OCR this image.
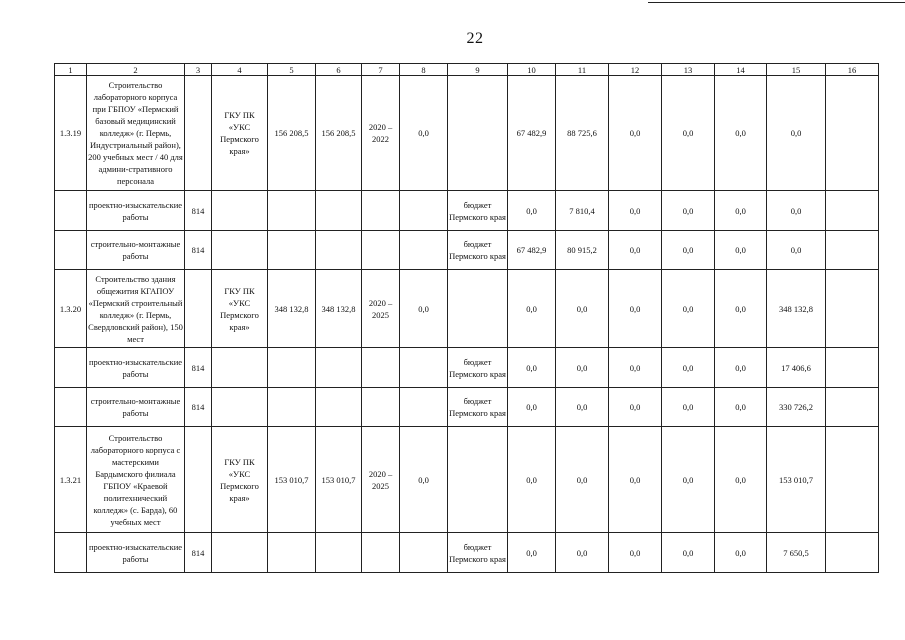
22
1	2	3	4	5	6	7	8	9	10	11	12	13	14	15	16
1.3.19	Строительство лабораторного корпуса при ГБПОУ «Пермский базовый медицинский колледж» (г. Пермь, Индустриальный район), 200 учебных мест / 40 для админи-стративного персонала		ГКУ ПК «УКС Пермского края»	156 208,5	156 208,5	2020 – 2022	0,0		67 482,9	88 725,6	0,0	0,0	0,0	0,0	
	проектно-изыскательские работы	814						бюджет Пермского края	0,0	7 810,4	0,0	0,0	0,0	0,0	
	строительно-монтажные работы	814						бюджет Пермского края	67 482,9	80 915,2	0,0	0,0	0,0	0,0	
1.3.20	Строительство здания общежития КГАПОУ «Пермский строительный колледж» (г. Пермь, Свердловский район), 150 мест		ГКУ ПК «УКС Пермского края»	348 132,8	348 132,8	2020 – 2025	0,0		0,0	0,0	0,0	0,0	0,0	348 132,8	
	проектно-изыскательские работы	814						бюджет Пермского края	0,0	0,0	0,0	0,0	0,0	17 406,6	
	строительно-монтажные работы	814						бюджет Пермского края	0,0	0,0	0,0	0,0	0,0	330 726,2	
1.3.21	Строительство лабораторного корпуса с мастерскими Бардымского филиала ГБПОУ «Краевой политехнический колледж» (с. Барда), 60 учебных мест		ГКУ ПК «УКС Пермского края»	153 010,7	153 010,7	2020 – 2025	0,0		0,0	0,0	0,0	0,0	0,0	153 010,7	
	проектно-изыскательские работы	814						бюджет Пермского края	0,0	0,0	0,0	0,0	0,0	7 650,5	
